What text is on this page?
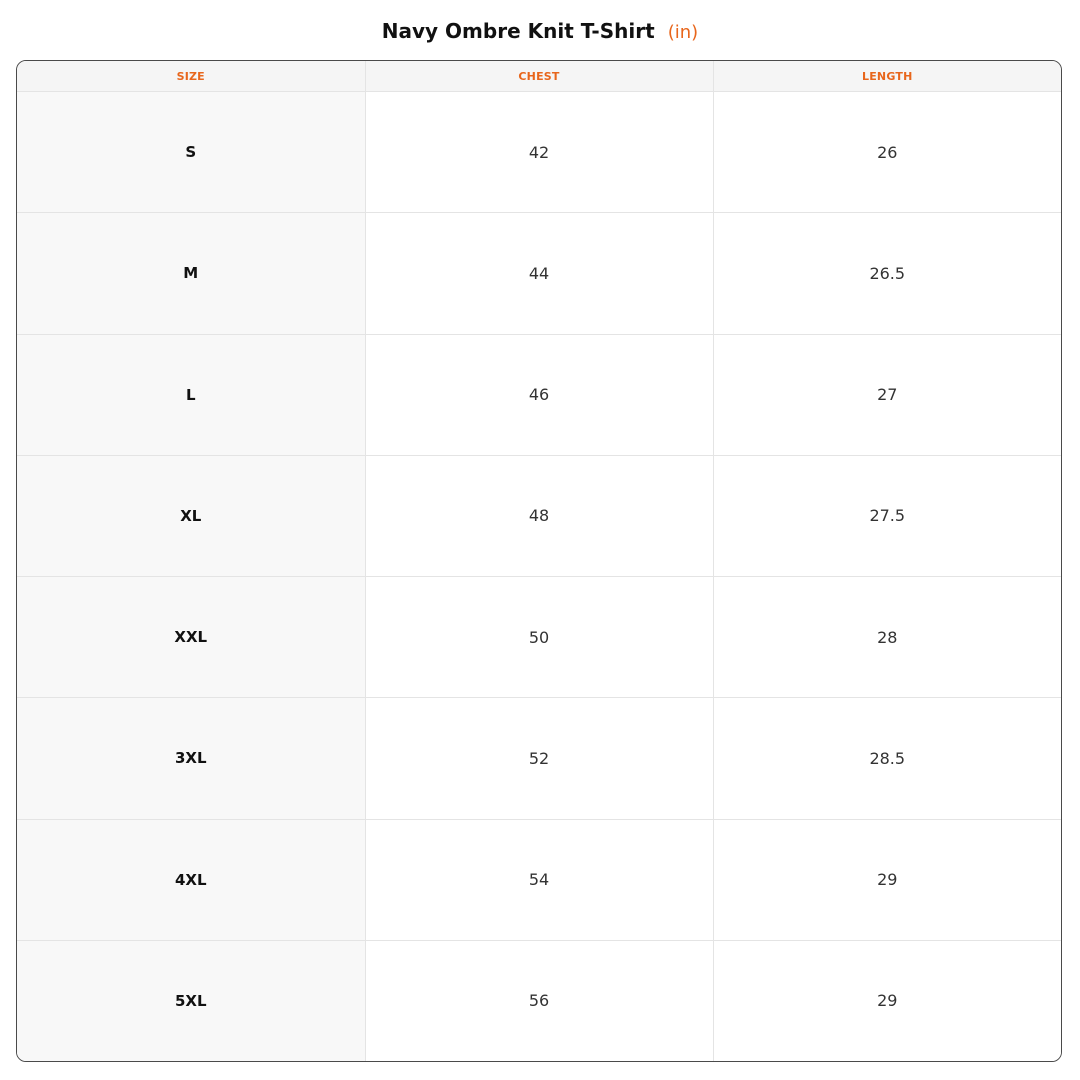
Navy Ombre Knit T-Shirt (in)
SIZE	CHEST	LENGTH
S	42	26
M	44	26.5
L	46	27
XL	48	27.5
XXL	50	28
3XL	52	28.5
4XL	54	29
5XL	56	29
